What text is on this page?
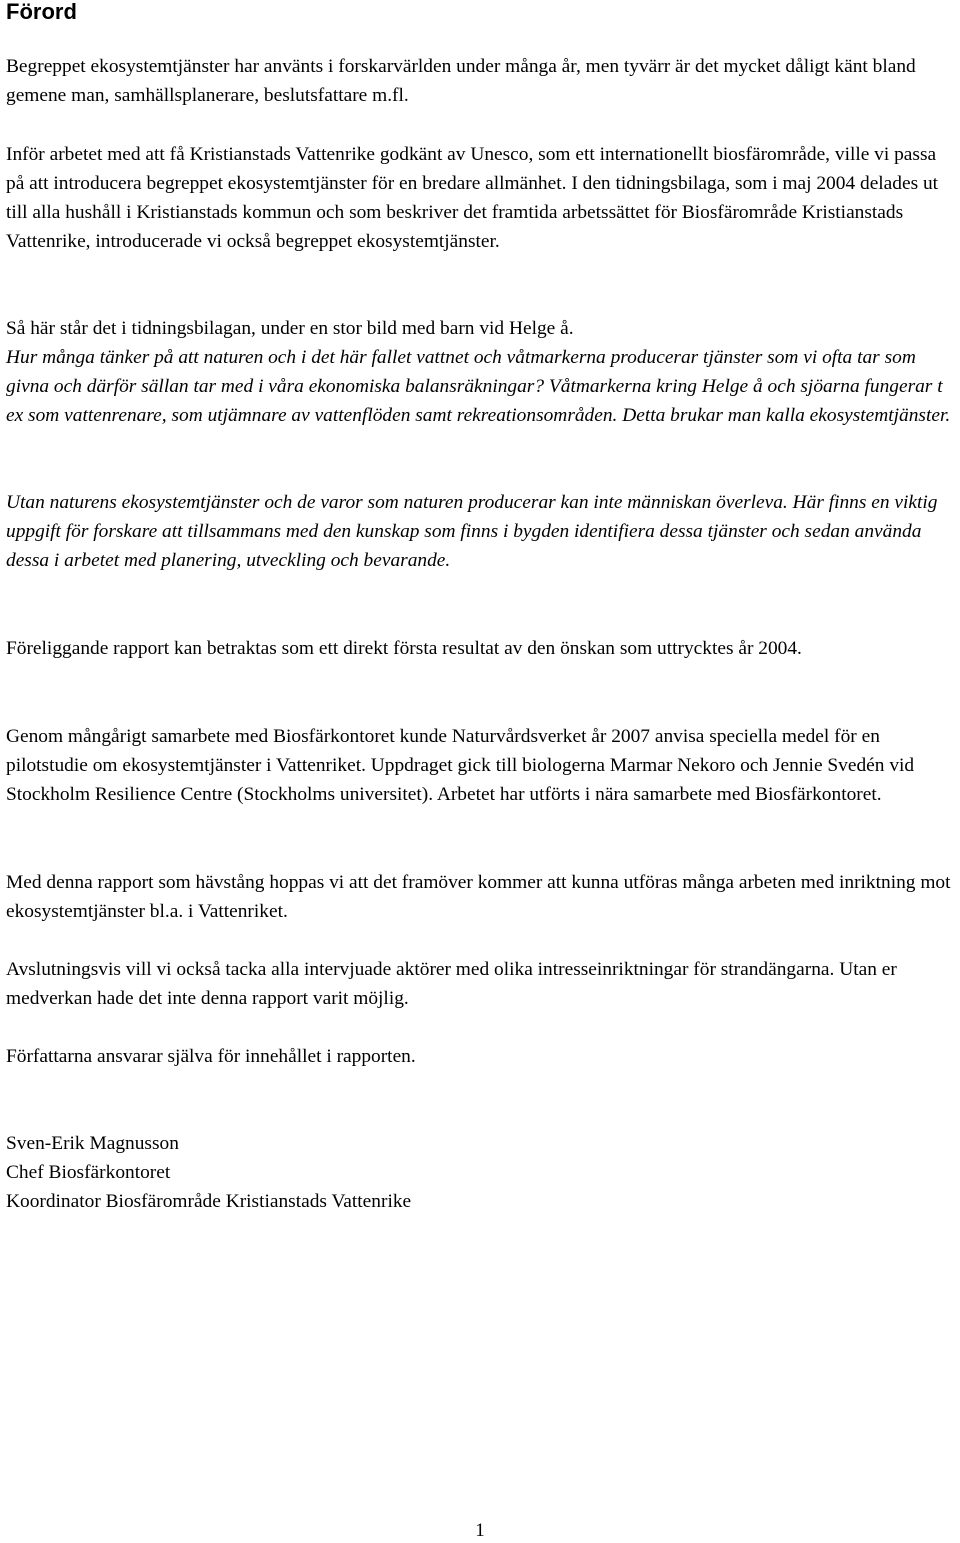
Förord

Begreppet ekosystemtjänster har använts i forskarvärlden under många år, men tyvärr är det mycket dåligt känt bland gemene man, samhällsplanerare, beslutsfattare m.fl.

Inför arbetet med att få Kristianstads Vattenrike godkänt av Unesco, som ett internationellt biosfärområde, ville vi passa på att introducera begreppet ekosystemtjänster för en bredare allmänhet. I den tidningsbilaga, som i maj 2004 delades ut till alla hushåll i Kristianstads kommun och som beskriver det framtida arbetssättet för Biosfärområde Kristianstads Vattenrike, introducerade vi också begreppet ekosystemtjänster.

Så här står det i tidningsbilagan, under en stor bild med barn vid Helge å.

Hur många tänker på att naturen och i det här fallet vattnet och våtmarkerna producerar tjänster som vi ofta tar som givna och därför sällan tar med i våra ekonomiska balansräkningar? Våtmarkerna kring Helge å och sjöarna fungerar t ex som vattenrenare, som utjämnare av vattenflöden samt rekreationsområden. Detta brukar man kalla ekosystemtjänster.

Utan naturens ekosystemtjänster och de varor som naturen producerar kan inte människan överleva. Här finns en viktig uppgift för forskare att tillsammans med den kunskap som finns i bygden identifiera dessa tjänster och sedan använda dessa i arbetet med planering, utveckling och bevarande.

Föreliggande rapport kan betraktas som ett direkt första resultat av den önskan som uttrycktes år 2004.

Genom mångårigt samarbete med Biosfärkontoret kunde Naturvårdsverket år 2007 anvisa speciella medel för en pilotstudie om ekosystemtjänster i Vattenriket. Uppdraget gick till biologerna Marmar Nekoro och Jennie Svedén vid Stockholm Resilience Centre (Stockholms universitet). Arbetet har utförts i nära samarbete med Biosfärkontoret.

Med denna rapport som hävstång hoppas vi att det framöver kommer att kunna utföras många arbeten med inriktning mot ekosystemtjänster bl.a. i Vattenriket.

Avslutningsvis vill vi också tacka alla intervjuade aktörer med olika intresseinriktningar för strandängarna. Utan er medverkan hade det inte denna rapport varit möjlig.

Författarna ansvarar själva för innehållet i rapporten.

Sven-Erik Magnusson

Chef Biosfärkontoret

Koordinator Biosfärområde Kristianstads Vattenrike

1
